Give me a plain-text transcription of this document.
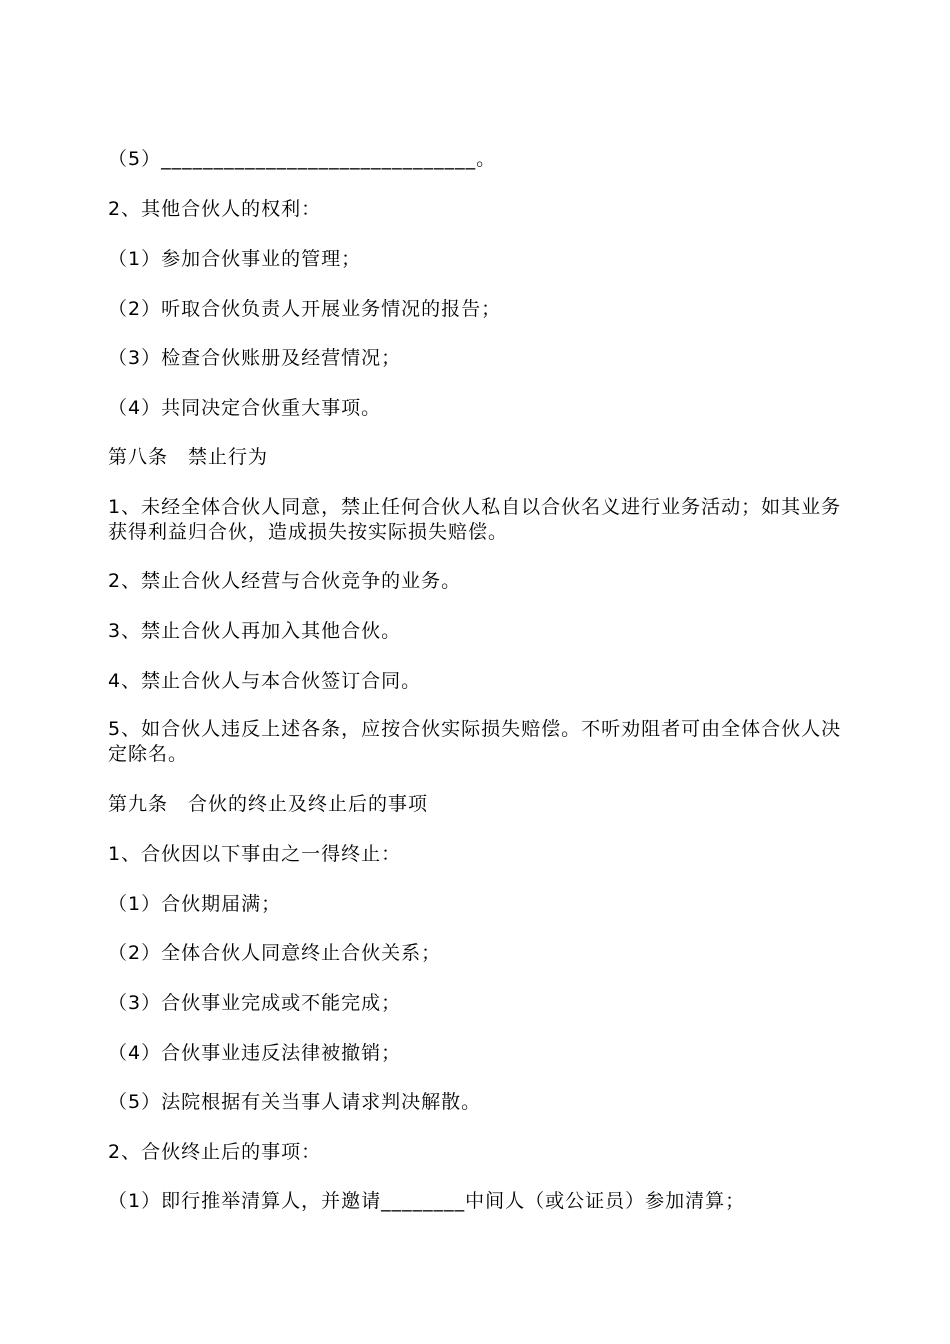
（5）______________________________。

2、其他合伙人的权利：

（1）参加合伙事业的管理；

（2）听取合伙负责人开展业务情况的报告；

（3）检查合伙账册及经营情况；

（4）共同决定合伙重大事项。

第八条　禁止行为

1、未经全体合伙人同意，禁止任何合伙人私自以合伙名义进行业务活动；如其业务获得利益归合伙，造成损失按实际损失赔偿。

2、禁止合伙人经营与合伙竞争的业务。

3、禁止合伙人再加入其他合伙。

4、禁止合伙人与本合伙签订合同。

5、如合伙人违反上述各条，应按合伙实际损失赔偿。不听劝阻者可由全体合伙人决定除名。

第九条　合伙的终止及终止后的事项

1、合伙因以下事由之一得终止：

（1）合伙期届满；

（2）全体合伙人同意终止合伙关系；

（3）合伙事业完成或不能完成；

（4）合伙事业违反法律被撤销；

（5）法院根据有关当事人请求判决解散。

2、合伙终止后的事项：

（1）即行推举清算人，并邀请________中间人（或公证员）参加清算；
